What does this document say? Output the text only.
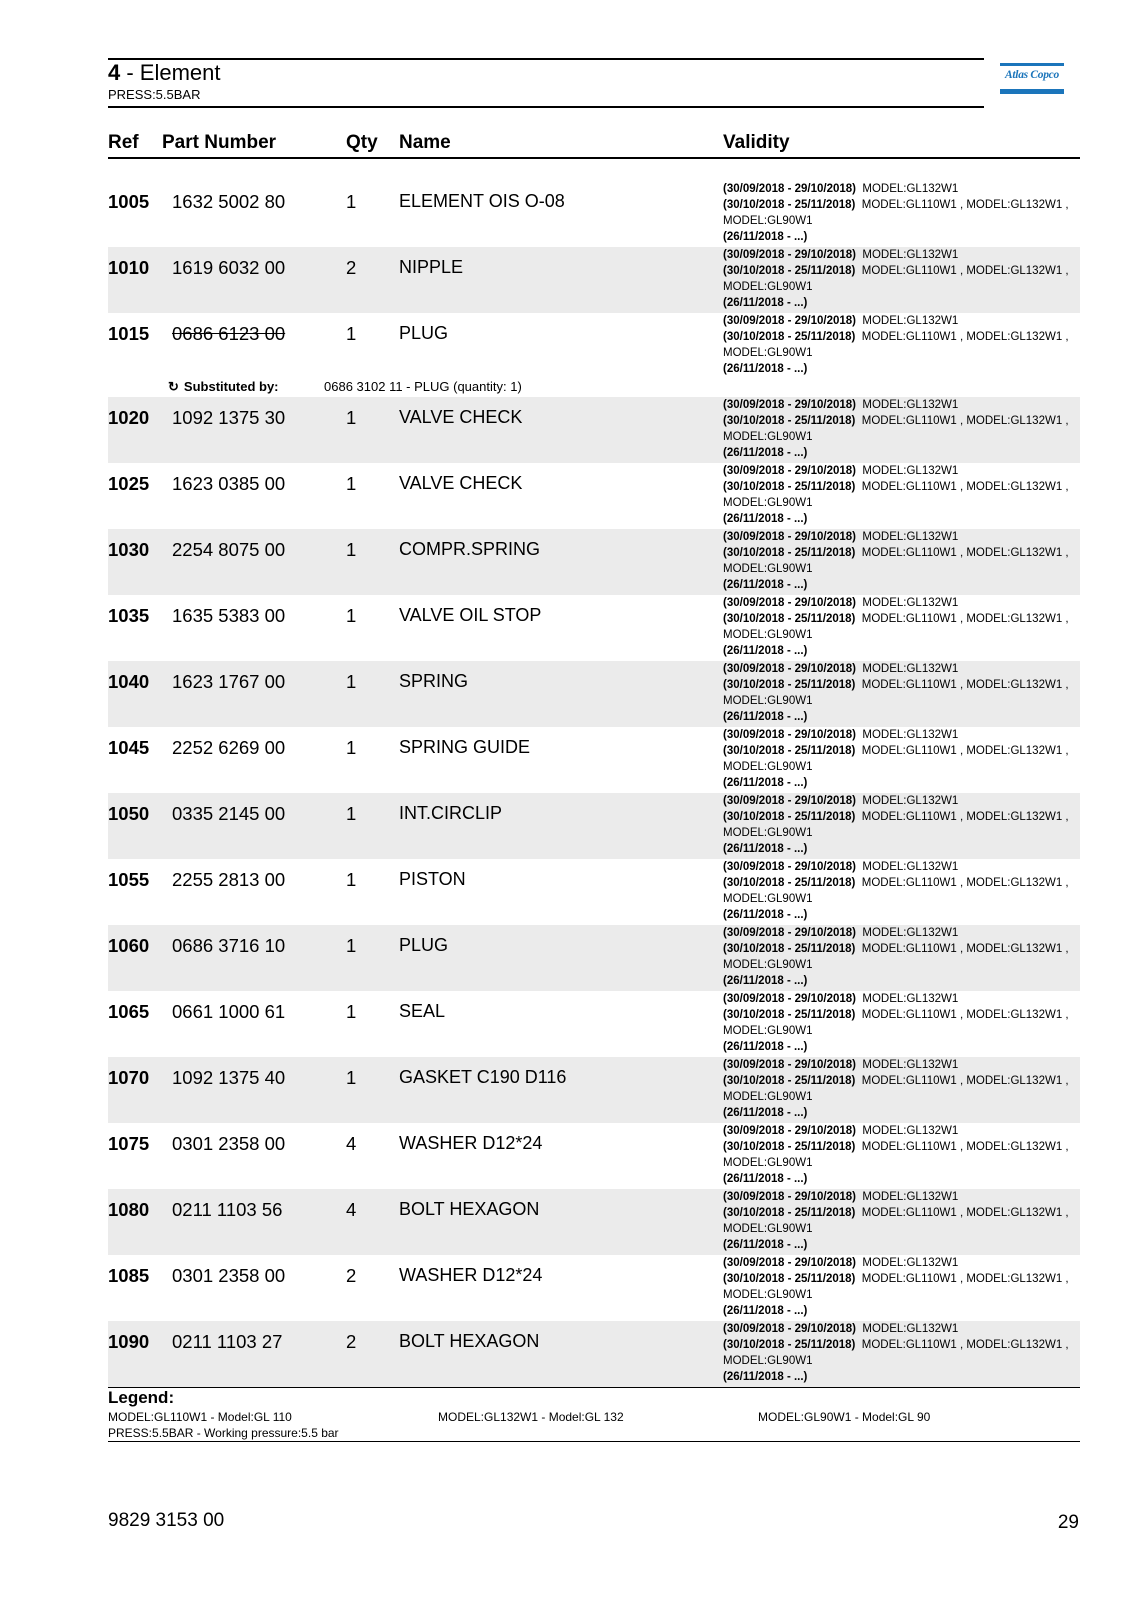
4 - Element
PRESS:5.5BAR
Atlas Copco
Ref Part Number	Qty Name	Validity
1005 1632 5002 80	1 ELEMENT OIS O-08
(30/09/2018 - 29/10/2018) MODEL:GL132W1
(30/10/2018 - 25/11/2018) MODEL:GL110W1 , MODEL:GL132W1 ,
MODEL:GL90W1
(26/11/2018 - ...)
1010 1619 6032 00	2 NIPPLE
(30/09/2018 - 29/10/2018) MODEL:GL132W1
(30/10/2018 - 25/11/2018) MODEL:GL110W1 , MODEL:GL132W1 ,
MODEL:GL90W1
(26/11/2018 - ...)
1015 0686 6123 00	1 PLUG
(30/09/2018 - 29/10/2018) MODEL:GL132W1
(30/10/2018 - 25/11/2018) MODEL:GL110W1 , MODEL:GL132W1 ,
MODEL:GL90W1
(26/11/2018 - ...)
↻ Substituted by:	0686 3102 11 - PLUG (quantity: 1)
1020 1092 1375 30	1 VALVE CHECK
(30/09/2018 - 29/10/2018) MODEL:GL132W1
(30/10/2018 - 25/11/2018) MODEL:GL110W1 , MODEL:GL132W1 ,
MODEL:GL90W1
(26/11/2018 - ...)
1025 1623 0385 00	1 VALVE CHECK
(30/09/2018 - 29/10/2018) MODEL:GL132W1
(30/10/2018 - 25/11/2018) MODEL:GL110W1 , MODEL:GL132W1 ,
MODEL:GL90W1
(26/11/2018 - ...)
1030 2254 8075 00	1 COMPR.SPRING
(30/09/2018 - 29/10/2018) MODEL:GL132W1
(30/10/2018 - 25/11/2018) MODEL:GL110W1 , MODEL:GL132W1 ,
MODEL:GL90W1
(26/11/2018 - ...)
1035 1635 5383 00	1 VALVE OIL STOP
(30/09/2018 - 29/10/2018) MODEL:GL132W1
(30/10/2018 - 25/11/2018) MODEL:GL110W1 , MODEL:GL132W1 ,
MODEL:GL90W1
(26/11/2018 - ...)
1040 1623 1767 00	1 SPRING
(30/09/2018 - 29/10/2018) MODEL:GL132W1
(30/10/2018 - 25/11/2018) MODEL:GL110W1 , MODEL:GL132W1 ,
MODEL:GL90W1
(26/11/2018 - ...)
1045 2252 6269 00	1 SPRING GUIDE
(30/09/2018 - 29/10/2018) MODEL:GL132W1
(30/10/2018 - 25/11/2018) MODEL:GL110W1 , MODEL:GL132W1 ,
MODEL:GL90W1
(26/11/2018 - ...)
1050 0335 2145 00	1 INT.CIRCLIP
(30/09/2018 - 29/10/2018) MODEL:GL132W1
(30/10/2018 - 25/11/2018) MODEL:GL110W1 , MODEL:GL132W1 ,
MODEL:GL90W1
(26/11/2018 - ...)
1055 2255 2813 00	1 PISTON
(30/09/2018 - 29/10/2018) MODEL:GL132W1
(30/10/2018 - 25/11/2018) MODEL:GL110W1 , MODEL:GL132W1 ,
MODEL:GL90W1
(26/11/2018 - ...)
1060 0686 3716 10	1 PLUG
(30/09/2018 - 29/10/2018) MODEL:GL132W1
(30/10/2018 - 25/11/2018) MODEL:GL110W1 , MODEL:GL132W1 ,
MODEL:GL90W1
(26/11/2018 - ...)
1065 0661 1000 61	1 SEAL
(30/09/2018 - 29/10/2018) MODEL:GL132W1
(30/10/2018 - 25/11/2018) MODEL:GL110W1 , MODEL:GL132W1 ,
MODEL:GL90W1
(26/11/2018 - ...)
1070 1092 1375 40	1 GASKET C190 D116
(30/09/2018 - 29/10/2018) MODEL:GL132W1
(30/10/2018 - 25/11/2018) MODEL:GL110W1 , MODEL:GL132W1 ,
MODEL:GL90W1
(26/11/2018 - ...)
1075 0301 2358 00	4 WASHER D12*24
(30/09/2018 - 29/10/2018) MODEL:GL132W1
(30/10/2018 - 25/11/2018) MODEL:GL110W1 , MODEL:GL132W1 ,
MODEL:GL90W1
(26/11/2018 - ...)
1080 0211 1103 56	4 BOLT HEXAGON
(30/09/2018 - 29/10/2018) MODEL:GL132W1
(30/10/2018 - 25/11/2018) MODEL:GL110W1 , MODEL:GL132W1 ,
MODEL:GL90W1
(26/11/2018 - ...)
1085 0301 2358 00	2 WASHER D12*24
(30/09/2018 - 29/10/2018) MODEL:GL132W1
(30/10/2018 - 25/11/2018) MODEL:GL110W1 , MODEL:GL132W1 ,
MODEL:GL90W1
(26/11/2018 - ...)
1090 0211 1103 27	2 BOLT HEXAGON
(30/09/2018 - 29/10/2018) MODEL:GL132W1
(30/10/2018 - 25/11/2018) MODEL:GL110W1 , MODEL:GL132W1 ,
MODEL:GL90W1
(26/11/2018 - ...)
Legend:
MODEL:GL110W1 - Model:GL 110	MODEL:GL132W1 - Model:GL 132	MODEL:GL90W1 - Model:GL 90
PRESS:5.5BAR - Working pressure:5.5 bar
9829 3153 00	29
